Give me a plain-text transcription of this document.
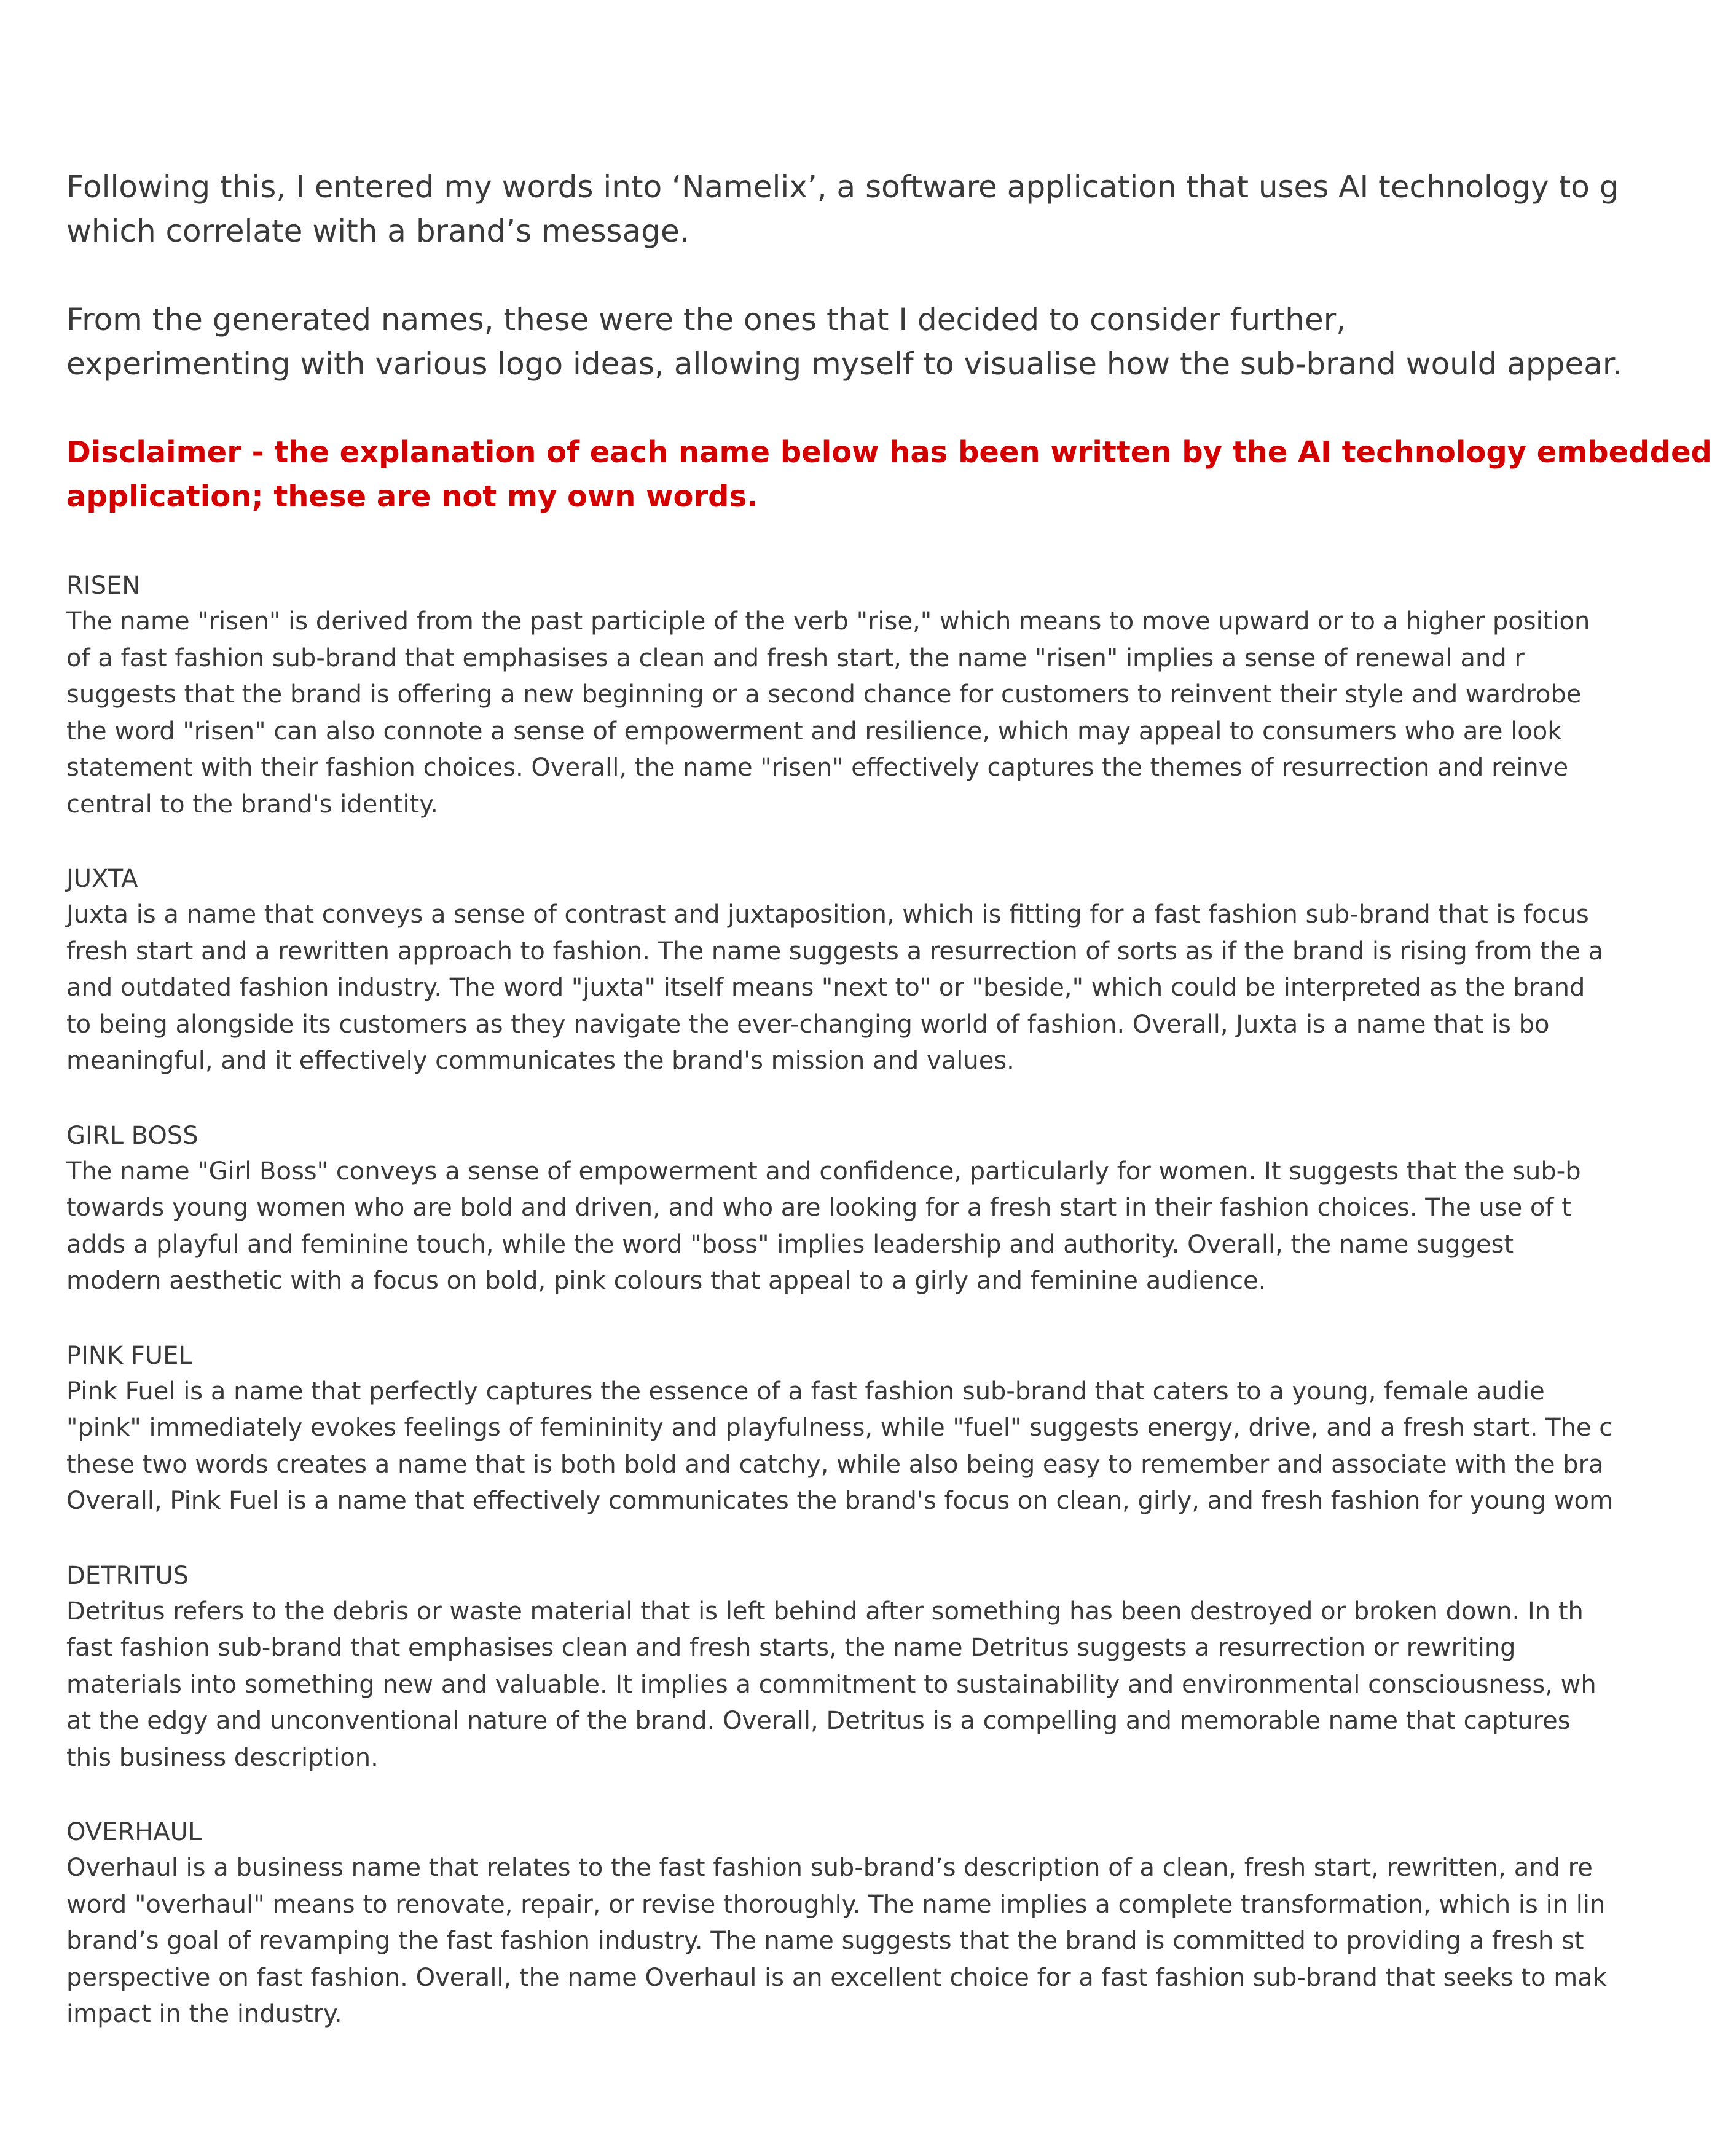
Following this, I entered my words into ‘Namelix’, a software application that uses AI technology to g
which correlate with a brand’s message.

From the generated names, these were the ones that I decided to consider further,
experimenting with various logo ideas, allowing myself to visualise how the sub-brand would appear.

Disclaimer - the explanation of each name below has been written by the AI technology embedded
application; these are not my own words.

RISEN

The name "risen" is derived from the past participle of the verb "rise," which means to move upward or to a higher position
of a fast fashion sub-brand that emphasises a clean and fresh start, the name "risen" implies a sense of renewal and r
suggests that the brand is offering a new beginning or a second chance for customers to reinvent their style and wardrobe
the word "risen" can also connote a sense of empowerment and resilience, which may appeal to consumers who are look
statement with their fashion choices. Overall, the name "risen" effectively captures the themes of resurrection and reinve
central to the brand's identity.

JUXTA

Juxta is a name that conveys a sense of contrast and juxtaposition, which is fitting for a fast fashion sub-brand that is focus
fresh start and a rewritten approach to fashion. The name suggests a resurrection of sorts as if the brand is rising from the a
and outdated fashion industry. The word "juxta" itself means "next to" or "beside," which could be interpreted as the brand
to being alongside its customers as they navigate the ever-changing world of fashion. Overall, Juxta is a name that is bo
meaningful, and it effectively communicates the brand's mission and values.

GIRL BOSS

The name "Girl Boss" conveys a sense of empowerment and confidence, particularly for women. It suggests that the sub-b
towards young women who are bold and driven, and who are looking for a fresh start in their fashion choices. The use of t
adds a playful and feminine touch, while the word "boss" implies leadership and authority. Overall, the name suggest
modern aesthetic with a focus on bold, pink colours that appeal to a girly and feminine audience.

PINK FUEL

Pink Fuel is a name that perfectly captures the essence of a fast fashion sub-brand that caters to a young, female audie
"pink" immediately evokes feelings of femininity and playfulness, while "fuel" suggests energy, drive, and a fresh start. The c
these two words creates a name that is both bold and catchy, while also being easy to remember and associate with the bra
Overall, Pink Fuel is a name that effectively communicates the brand's focus on clean, girly, and fresh fashion for young wom

DETRITUS

Detritus refers to the debris or waste material that is left behind after something has been destroyed or broken down. In th
fast fashion sub-brand that emphasises clean and fresh starts, the name Detritus suggests a resurrection or rewriting
materials into something new and valuable. It implies a commitment to sustainability and environmental consciousness, wh
at the edgy and unconventional nature of the brand. Overall, Detritus is a compelling and memorable name that captures
this business description.

OVERHAUL

Overhaul is a business name that relates to the fast fashion sub-brand’s description of a clean, fresh start, rewritten, and re
word "overhaul" means to renovate, repair, or revise thoroughly. The name implies a complete transformation, which is in lin
brand’s goal of revamping the fast fashion industry. The name suggests that the brand is committed to providing a fresh st
perspective on fast fashion. Overall, the name Overhaul is an excellent choice for a fast fashion sub-brand that seeks to mak
impact in the industry.
